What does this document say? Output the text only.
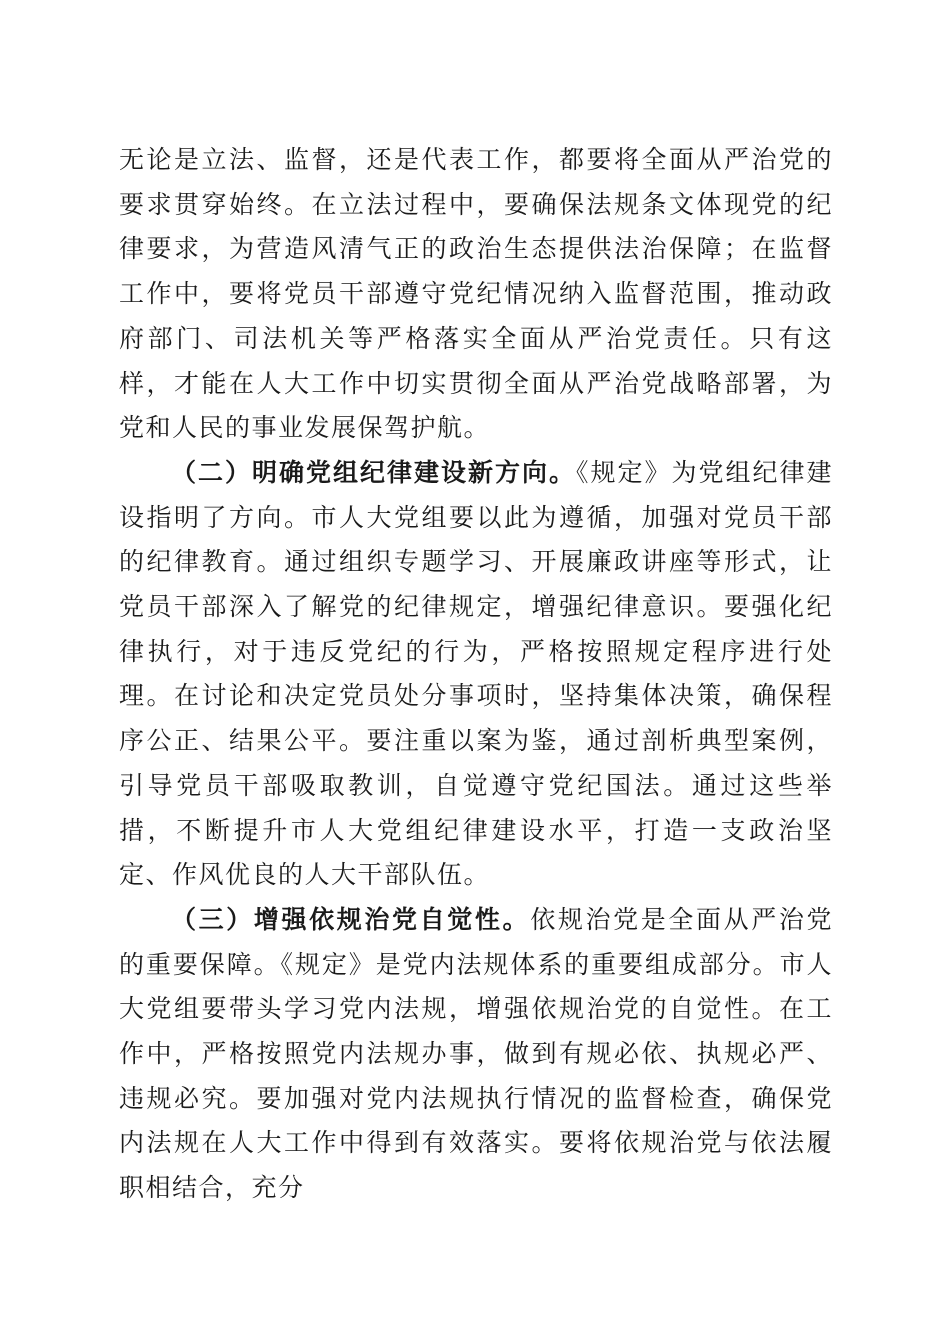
无论是立法、监督，还是代表工作，都要将全面从严治党的要求贯穿始终。在立法过程中，要确保法规条文体现党的纪律要求，为营造风清气正的政治生态提供法治保障；在监督工作中，要将党员干部遵守党纪情况纳入监督范围，推动政府部门、司法机关等严格落实全面从严治党责任。只有这样，才能在人大工作中切实贯彻全面从严治党战略部署，为党和人民的事业发展保驾护航。

（二）明确党组纪律建设新方向。《规定》为党组纪律建设指明了方向。市人大党组要以此为遵循，加强对党员干部的纪律教育。通过组织专题学习、开展廉政讲座等形式，让党员干部深入了解党的纪律规定，增强纪律意识。要强化纪律执行，对于违反党纪的行为，严格按照规定程序进行处理。在讨论和决定党员处分事项时，坚持集体决策，确保程序公正、结果公平。要注重以案为鉴，通过剖析典型案例，引导党员干部吸取教训，自觉遵守党纪国法。通过这些举措，不断提升市人大党组纪律建设水平，打造一支政治坚定、作风优良的人大干部队伍。

（三）增强依规治党自觉性。依规治党是全面从严治党的重要保障。《规定》是党内法规体系的重要组成部分。市人大党组要带头学习党内法规，增强依规治党的自觉性。在工作中，严格按照党内法规办事，做到有规必依、执规必严、违规必究。要加强对党内法规执行情况的监督检查，确保党内法规在人大工作中得到有效落实。要将依规治党与依法履职相结合，充分
